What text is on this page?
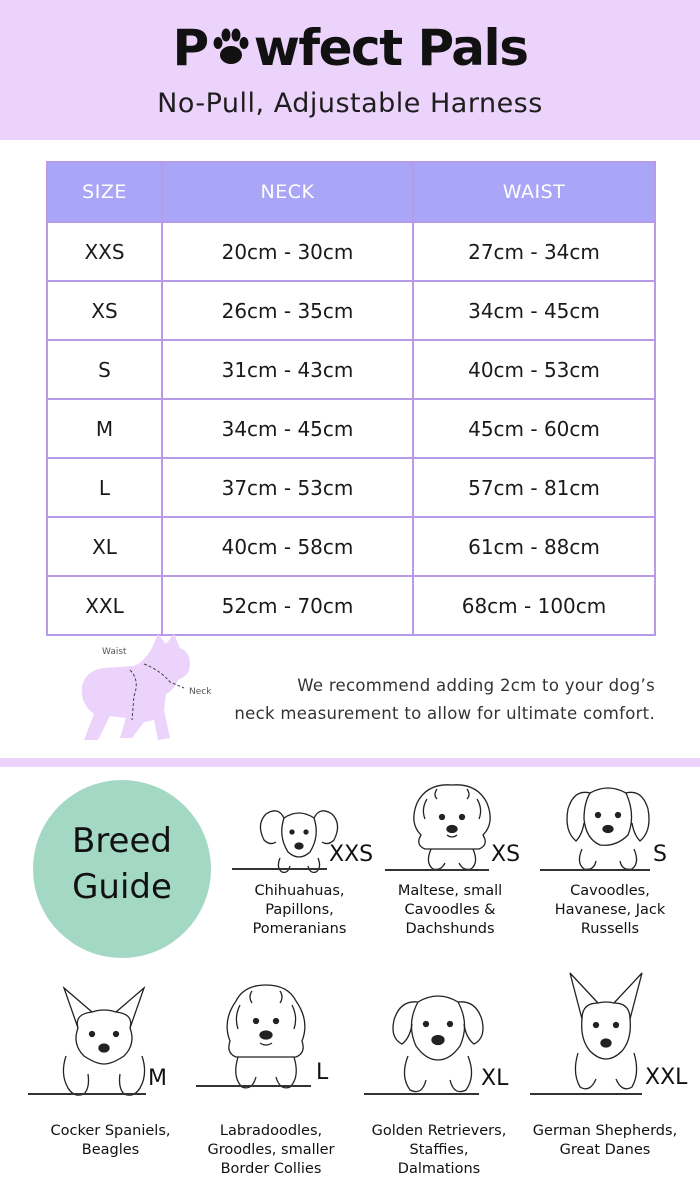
P wfect Pals
No-Pull, Adjustable Harness
SIZE	NECK	WAIST
XXS	20cm - 30cm	27cm - 34cm
XS	26cm - 35cm	34cm - 45cm
S	31cm - 43cm	40cm - 53cm
M	34cm - 45cm	45cm - 60cm
L	37cm - 53cm	57cm - 81cm
XL	40cm - 58cm	61cm - 88cm
XXL	52cm - 70cm	68cm - 100cm
Waist
Neck	We recommend adding 2cm to your dog’s
neck measurement to allow for ultimate comfort.
Breed
Guide
XXS
Chihuahuas,
Papillons,
Pomeranians
XS
Maltese, small
Cavoodles &
Dachshunds
S
Cavoodles,
Havanese, Jack
Russells
M
Cocker Spaniels,
Beagles
L
Labradoodles,
Groodles, smaller
Border Collies
XL
Golden Retrievers,
Staffies,
Dalmations
XXL
German Shepherds,
Great Danes
